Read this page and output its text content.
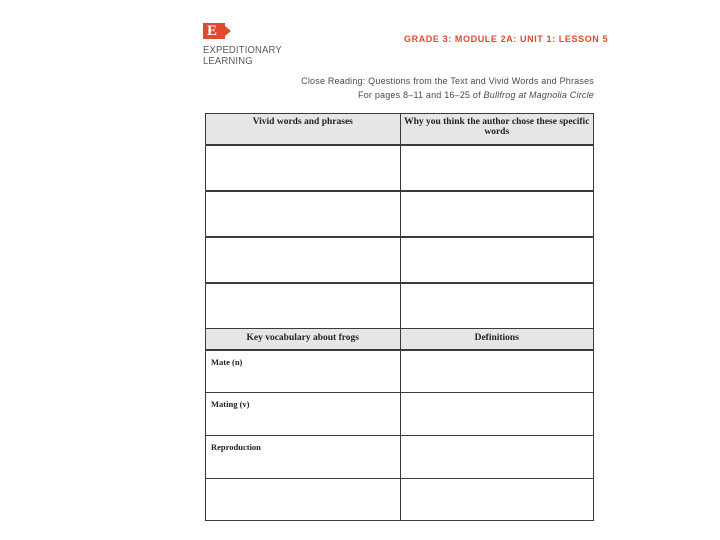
E
EXPEDITIONARY
LEARNING
GRADE 3: MODULE 2A: UNIT 1: LESSON 5
Close Reading: Questions from the Text and Vivid Words and Phrases
For pages 8–11 and 16–25 of Bullfrog at Magnolia Circle
Vivid words and phrases	Why you think the author chose these specific words
Key vocabulary about frogs	Definitions
Mate (n)
Mating (v)
Reproduction
